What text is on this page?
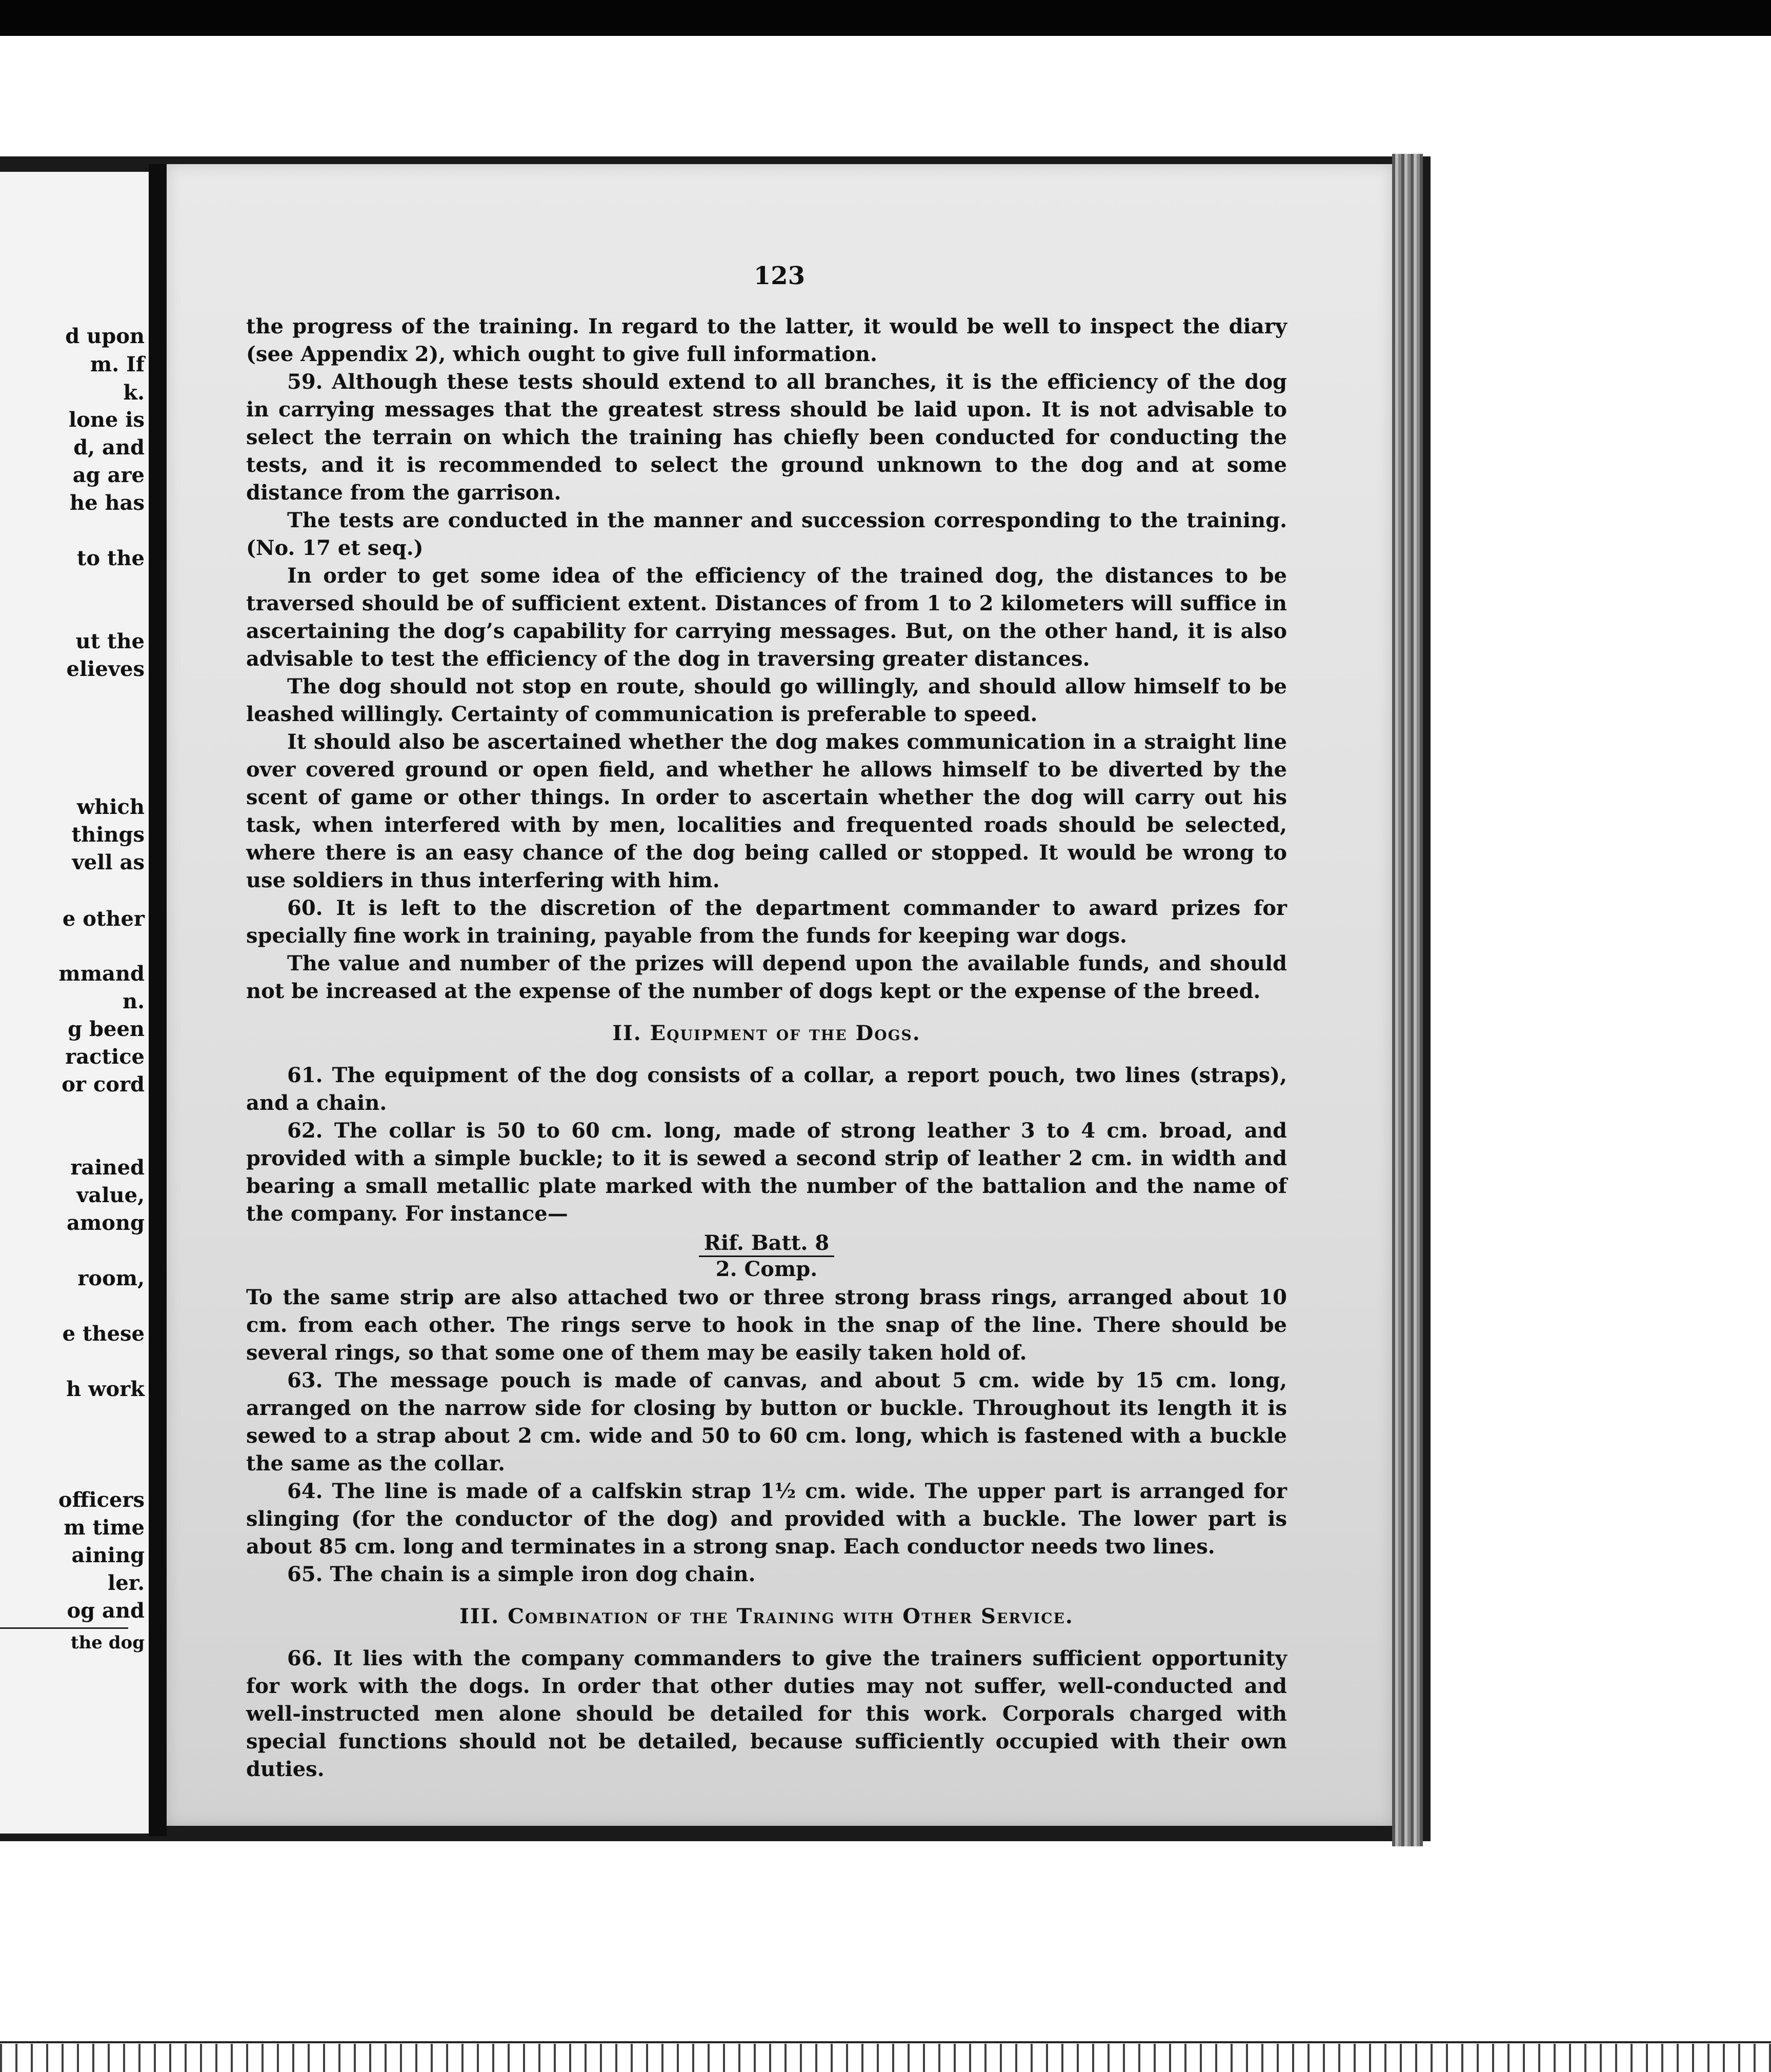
d upon
m. If
k.
lone is
d, and
ag are
he has
to the
ut the
elieves
which
things
vell as
e other
mmand
n.
g been
ractice
or cord
rained
value,
among
room,
e these
h work
officers
m time
aining
ler.
og and
the dog
123

the progress of the training. In regard to the latter, it would be well to inspect the diary (see Appendix 2), which ought to give full information.

59. Although these tests should extend to all branches, it is the efficiency of the dog in carrying messages that the greatest stress should be laid upon. It is not advisable to select the terrain on which the training has chiefly been conducted for conducting the tests, and it is recommended to select the ground unknown to the dog and at some distance from the garrison.

The tests are conducted in the manner and succession corresponding to the training. (No. 17 et seq.)

In order to get some idea of the efficiency of the trained dog, the distances to be traversed should be of sufficient extent. Distances of from 1 to 2 kilometers will suffice in ascertaining the dog’s capability for carrying messages. But, on the other hand, it is also advisable to test the efficiency of the dog in traversing greater distances.

The dog should not stop en route, should go willingly, and should allow himself to be leashed willingly. Certainty of communication is preferable to speed.

It should also be ascertained whether the dog makes communication in a straight line over covered ground or open field, and whether he allows himself to be diverted by the scent of game or other things. In order to ascertain whether the dog will carry out his task, when interfered with by men, localities and frequented roads should be selected, where there is an easy chance of the dog being called or stopped. It would be wrong to use soldiers in thus interfering with him.

60. It is left to the discretion of the department commander to award prizes for specially fine work in training, payable from the funds for keeping war dogs.

The value and number of the prizes will depend upon the available funds, and should not be increased at the expense of the number of dogs kept or the expense of the breed.

II. Equipment of the Dogs.

61. The equipment of the dog consists of a collar, a report pouch, two lines (straps), and a chain.

62. The collar is 50 to 60 cm. long, made of strong leather 3 to 4 cm. broad, and provided with a simple buckle; to it is sewed a second strip of leather 2 cm. in width and bearing a small metallic plate marked with the number of the battalion and the name of the company. For instance—

Rif. Batt. 8
2. Comp.

To the same strip are also attached two or three strong brass rings, arranged about 10 cm. from each other. The rings serve to hook in the snap of the line. There should be several rings, so that some one of them may be easily taken hold of.

63. The message pouch is made of canvas, and about 5 cm. wide by 15 cm. long, arranged on the narrow side for closing by button or buckle. Throughout its length it is sewed to a strap about 2 cm. wide and 50 to 60 cm. long, which is fastened with a buckle the same as the collar.

64. The line is made of a calfskin strap 1½ cm. wide. The upper part is arranged for slinging (for the conductor of the dog) and provided with a buckle. The lower part is about 85 cm. long and terminates in a strong snap. Each conductor needs two lines.

65. The chain is a simple iron dog chain.

III. Combination of the Training with Other Service.

66. It lies with the company commanders to give the trainers sufficient opportunity for work with the dogs. In order that other duties may not suffer, well-conducted and well-instructed men alone should be detailed for this work. Corporals charged with special functions should not be detailed, because sufficiently occupied with their own duties.
